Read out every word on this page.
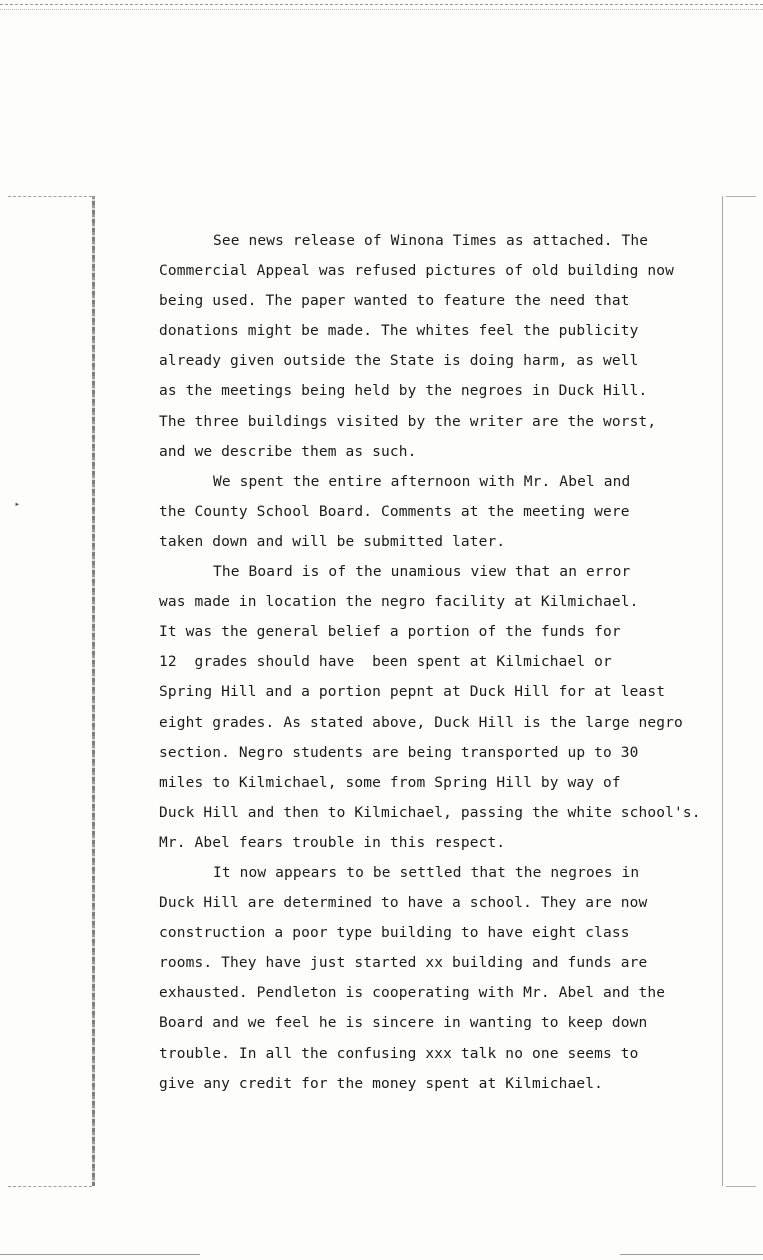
‣
See news release of Winona Times as attached. The
Commercial Appeal was refused pictures of old building now
being used. The paper wanted to feature the need that
donations might be made. The whites feel the publicity
already given outside the State is doing harm, as well
as the meetings being held by the negroes in Duck Hill.
The three buildings visited by the writer are the worst,
and we describe them as such.
We spent the entire afternoon with Mr. Abel and
the County School Board. Comments at the meeting were
taken down and will be submitted later.
The Board is of the unamious view that an error
was made in location the negro facility at Kilmichael.
It was the general belief a portion of the funds for
12  grades should have  been spent at Kilmichael or
Spring Hill and a portion pepnt at Duck Hill for at least
eight grades. As stated above, Duck Hill is the large negro
section. Negro students are being transported up to 30
miles to Kilmichael, some from Spring Hill by way of
Duck Hill and then to Kilmichael, passing the white school's.
Mr. Abel fears trouble in this respect.
It now appears to be settled that the negroes in
Duck Hill are determined to have a school. They are now
construction a poor type building to have eight class
rooms. They have just started xx building and funds are
exhausted. Pendleton is cooperating with Mr. Abel and the
Board and we feel he is sincere in wanting to keep down
trouble. In all the confusing xxx talk no one seems to
give any credit for the money spent at Kilmichael.
